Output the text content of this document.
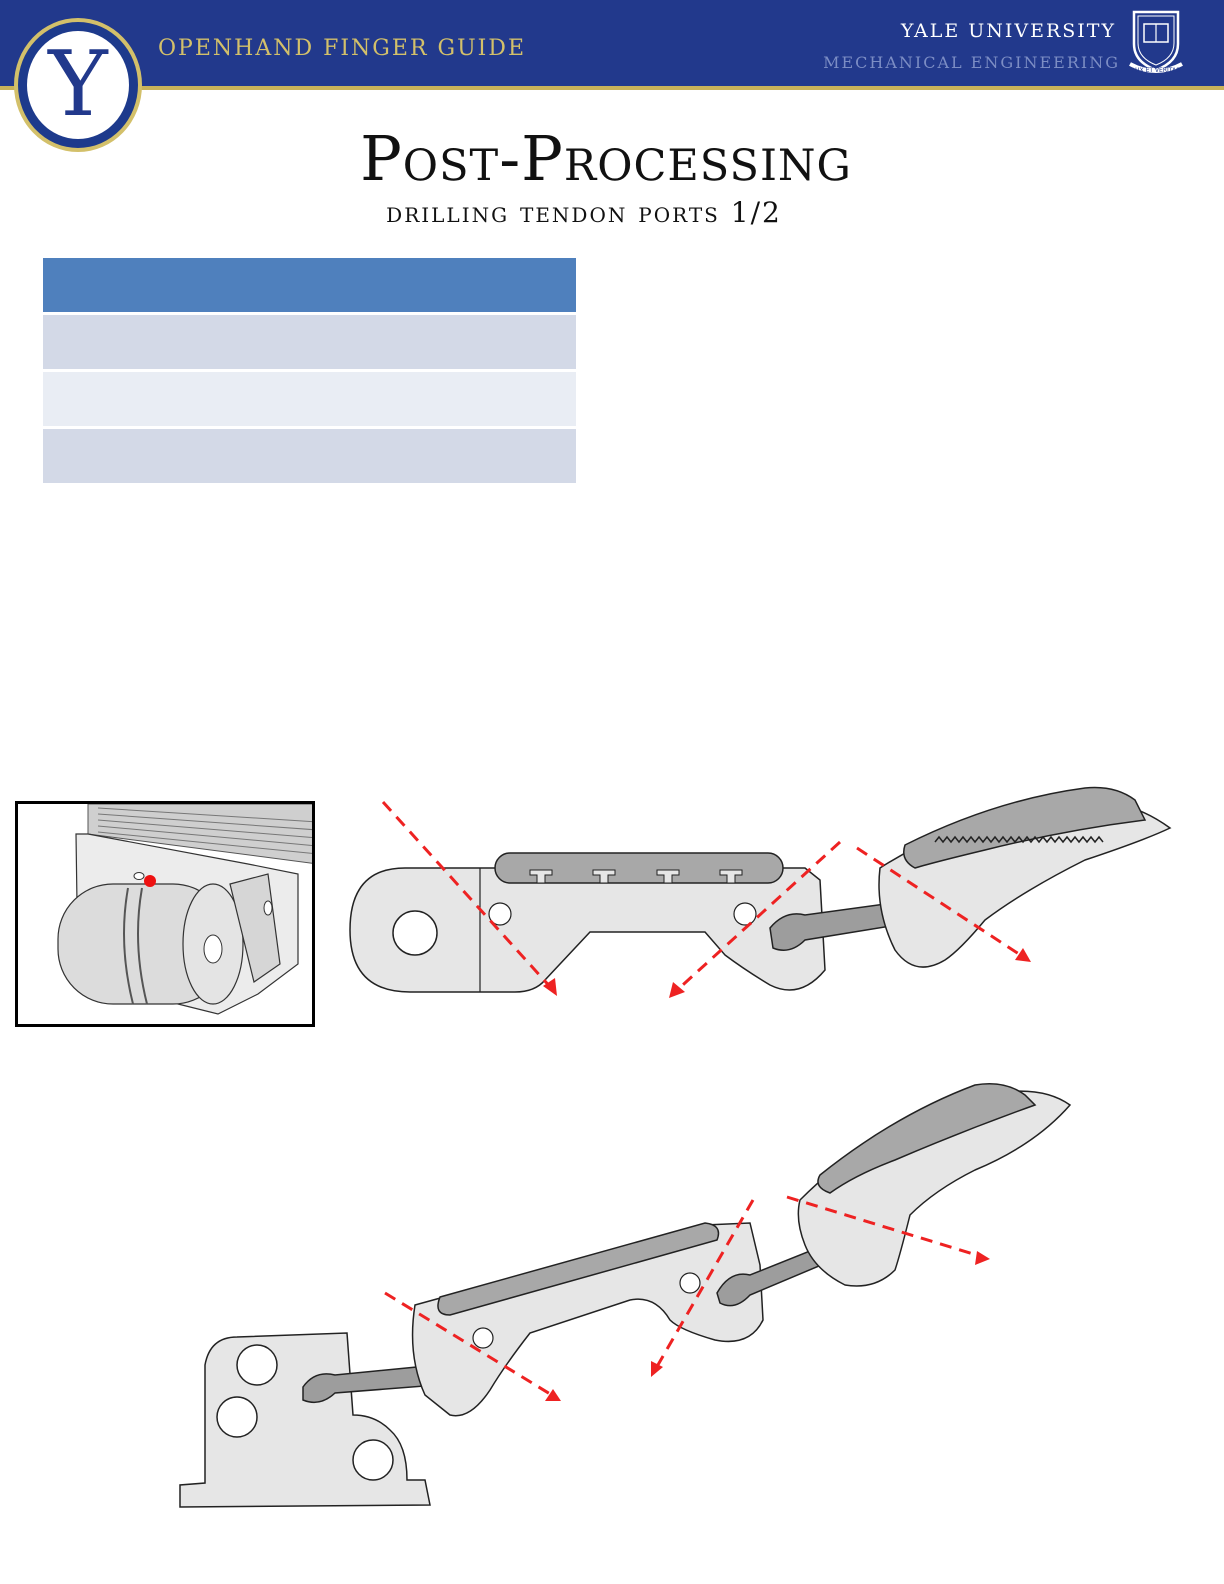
Y	OPENHAND FINGER GUIDE
YALE UNIVERSITY
MECHANICAL ENGINEERING LUX ET VERITAS
Post-Processing
drilling tendon ports 1/2
